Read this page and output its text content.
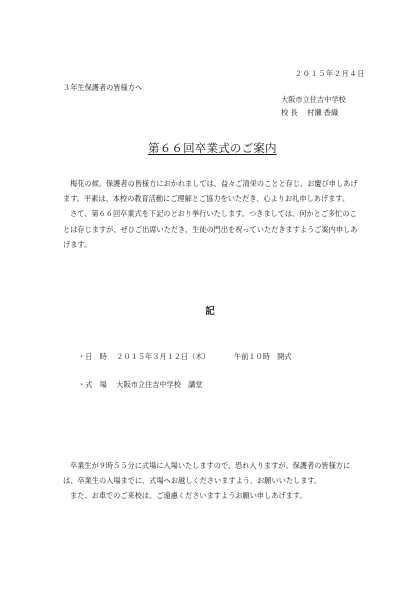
２０１５年２月４日
３年生保護者の皆様方へ
大阪市立住吉中学校
校 長　 村瀬 香織
第６６回卒業式のご案内

梅花の候、保護者の皆様方におかれましては、益々ご清栄のことと存じ、お慶び申しあげます。平素は、本校の教育活動にご理解とご協力をいただき、心よりお礼申しあげます。

さて、第６６回卒業式を下記のとおり挙行いたします。つきましては、何かとご多忙のことは存じますが、ぜひご出席いただき、生徒の門出を祝っていただきますようご案内申しあげます。

記
・日　時 ２０１５年３月１２日（木）	午前１０時　開式
・式　場 大阪市立住吉中学校　講堂

卒業生が９時５５分に式場に入場いたしますので、恐れ入りますが、保護者の皆様方には、卒業生の入場までに、式場へお越しくださいますよう、お願いいたします。

また、お車でのご来校は、ご遠慮くださいますようお願い申しあげます。
